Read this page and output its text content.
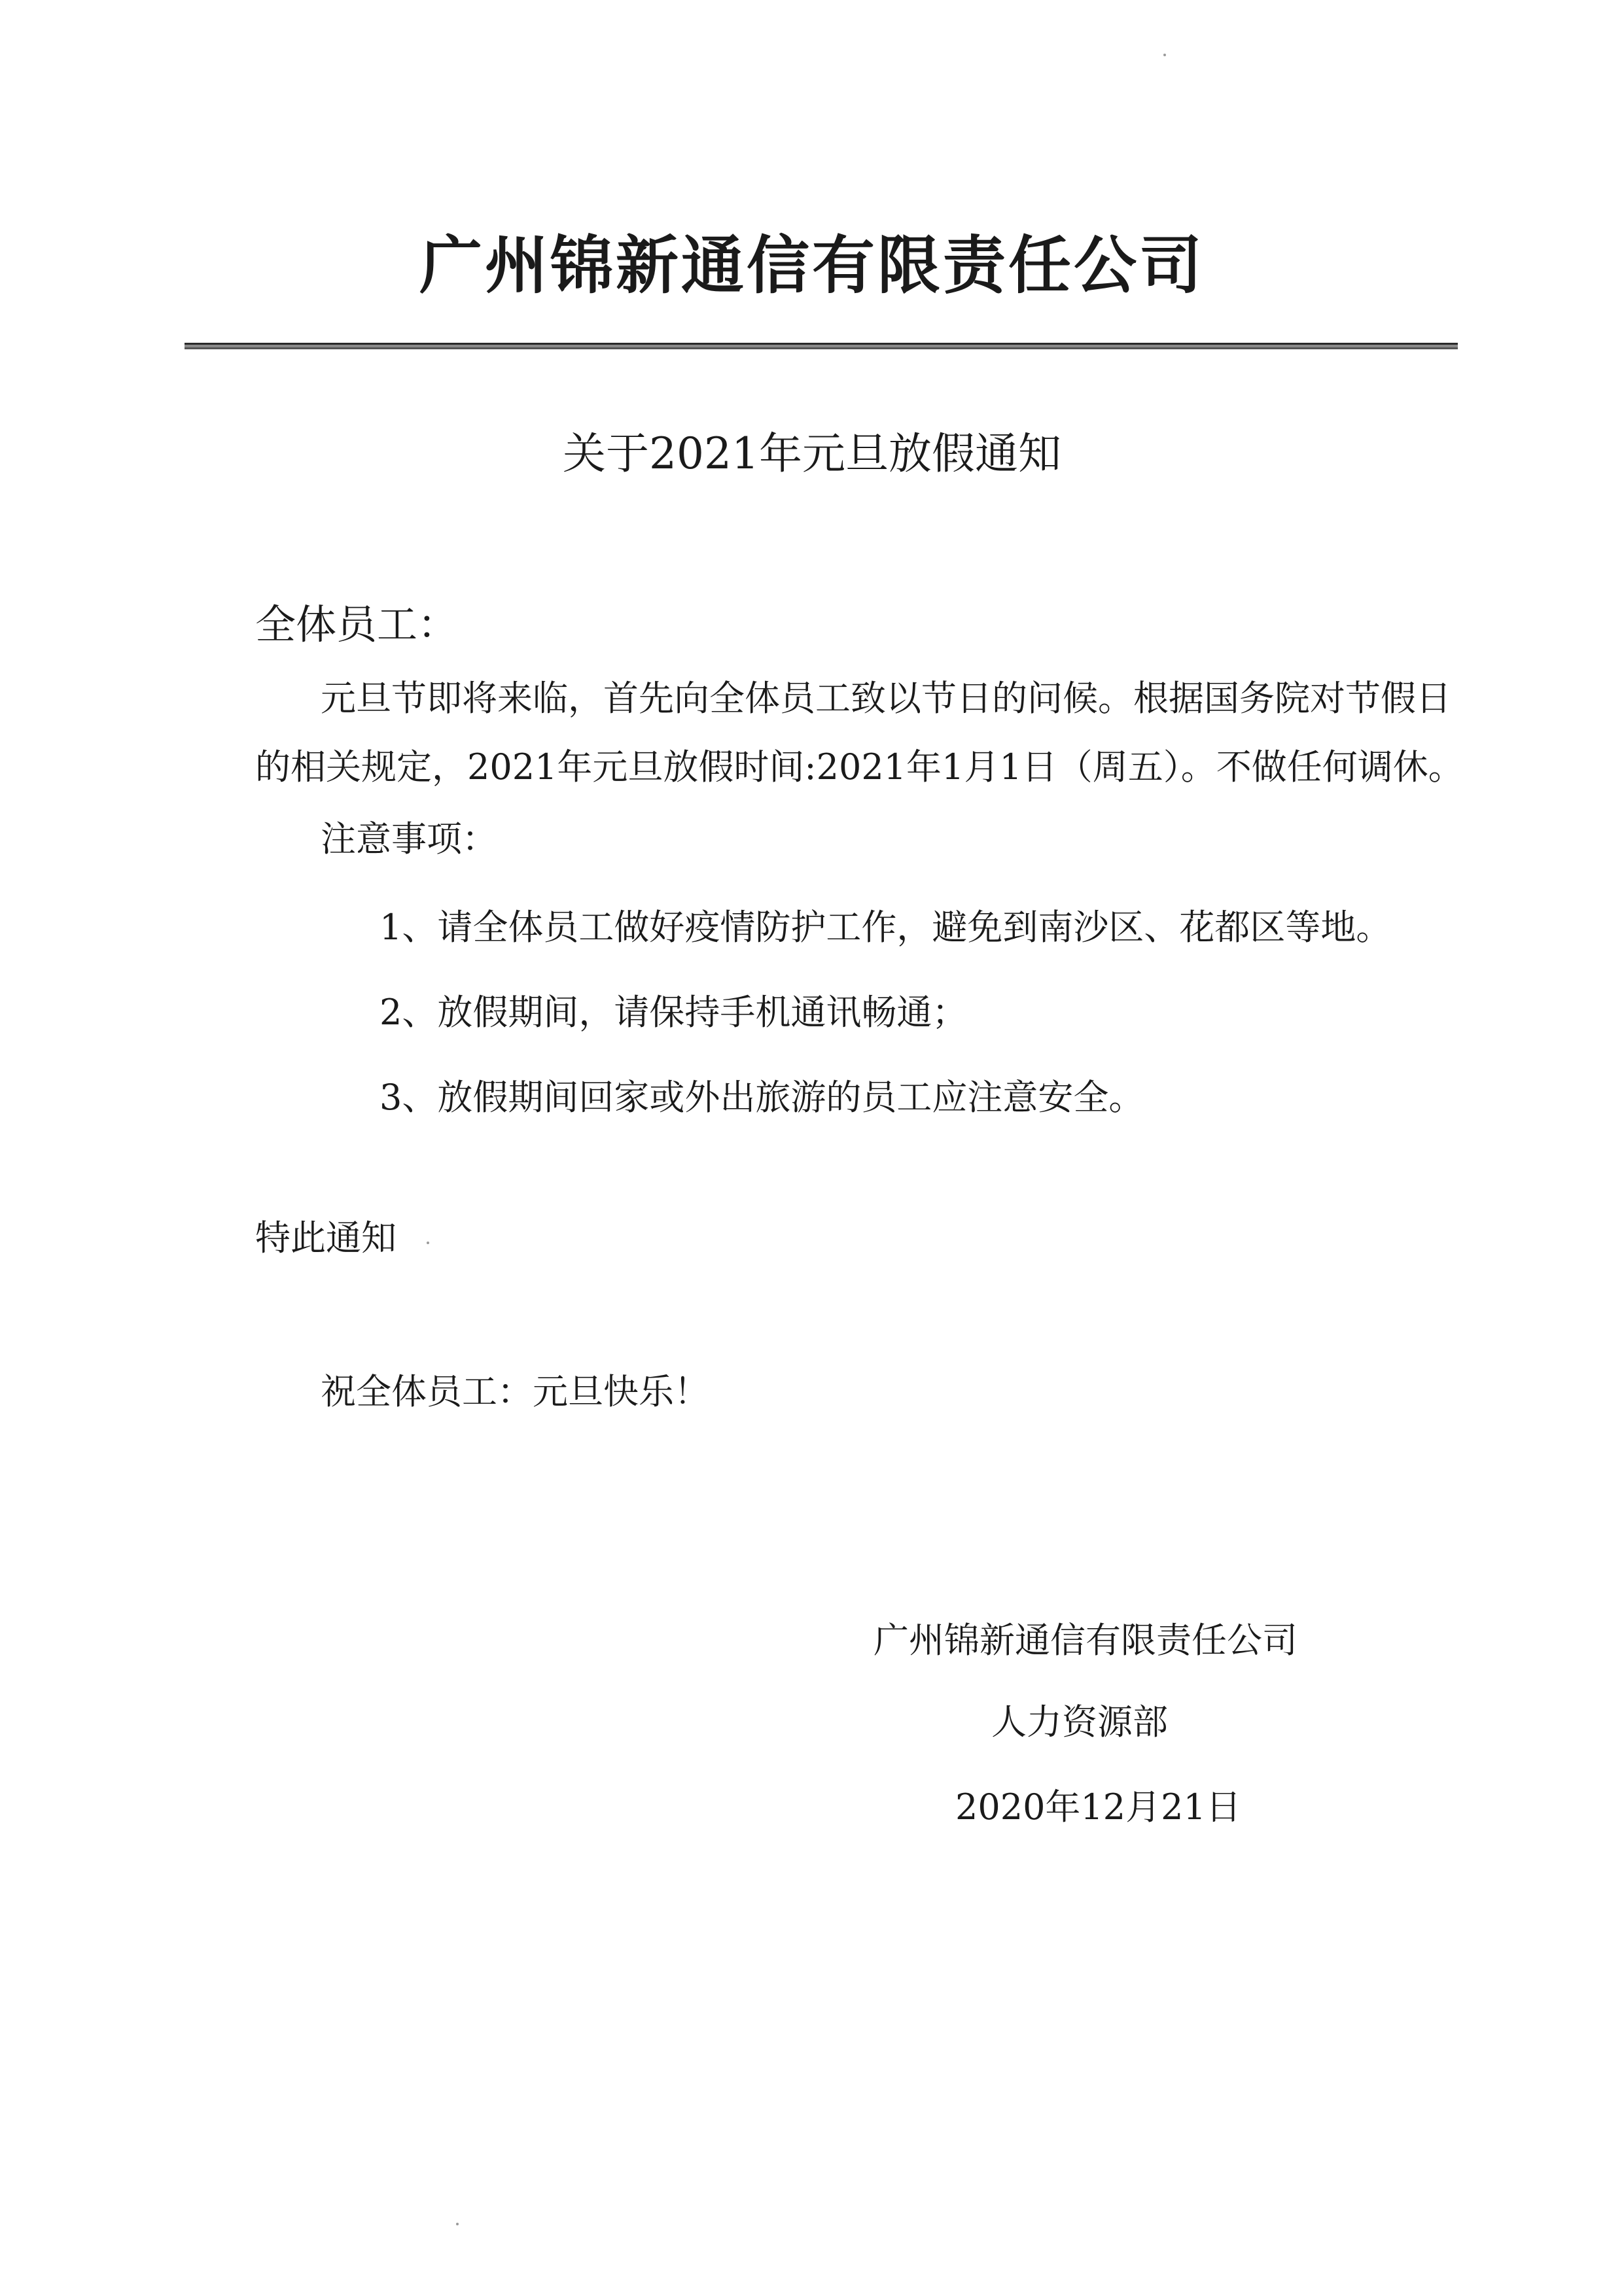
广州锦新通信有限责任公司
关于2021年元旦放假通知
全体员工：
元旦节即将来临，首先向全体员工致以节日的问候。根据国务院对节假日
的相关规定，2021年元旦放假时间:2021年1月1日（周五）。不做任何调休。
注意事项：
1、请全体员工做好疫情防护工作，避免到南沙区、花都区等地。
2、放假期间，请保持手机通讯畅通；
3、放假期间回家或外出旅游的员工应注意安全。
特此通知
祝全体员工：元旦快乐！
广州锦新通信有限责任公司
人力资源部
2020年12月21日
